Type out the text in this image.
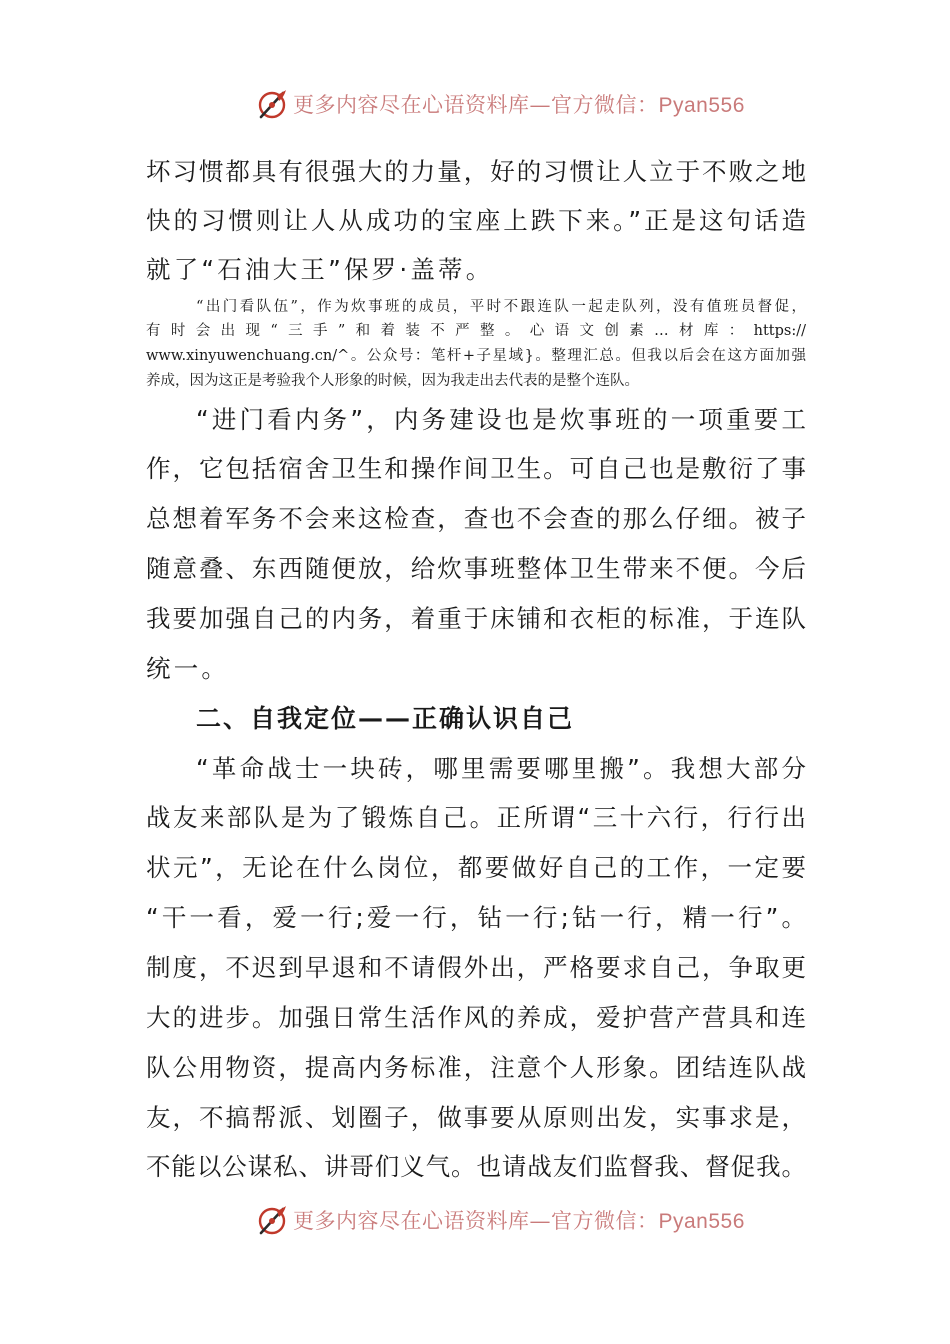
更多内容尽在心语资料库—官方微信：Pyan556
坏习惯都具有很强大的力量，好的习惯让人立于不败之地
快的习惯则让人从成功的宝座上跌下来。”正是这句话造
就了“石油大王”保罗·盖蒂。
“出门看队伍”，作为炊事班的成员，平时不跟连队一起走队列，没有值班员督促，
有时会出现“三手”和着装不严整。心语文创素…材库：https://
www.xinyuwenchuang.cn/^。公众号：笔杆+子星域}。整理汇总。但我以后会在这方面加强
养成，因为这正是考验我个人形象的时候，因为我走出去代表的是整个连队。
“进门看内务”，内务建设也是炊事班的一项重要工
作，它包括宿舍卫生和操作间卫生。可自己也是敷衍了事
总想着军务不会来这检查，查也不会查的那么仔细。被子
随意叠、东西随便放，给炊事班整体卫生带来不便。今后
我要加强自己的内务，着重于床铺和衣柜的标准，于连队
统一。
二、自我定位——正确认识自己
“革命战士一块砖，哪里需要哪里搬”。我想大部分
战友来部队是为了锻炼自己。正所谓“三十六行，行行出
状元”，无论在什么岗位，都要做好自己的工作，一定要
“干一看，爱一行;爱一行，钻一行;钻一行，精一行”。
制度，不迟到早退和不请假外出，严格要求自己，争取更
大的进步。加强日常生活作风的养成，爱护营产营具和连
队公用物资，提高内务标准，注意个人形象。团结连队战
友，不搞帮派、划圈子，做事要从原则出发，实事求是，
不能以公谋私、讲哥们义气。也请战友们监督我、督促我。
更多内容尽在心语资料库—官方微信：Pyan556
